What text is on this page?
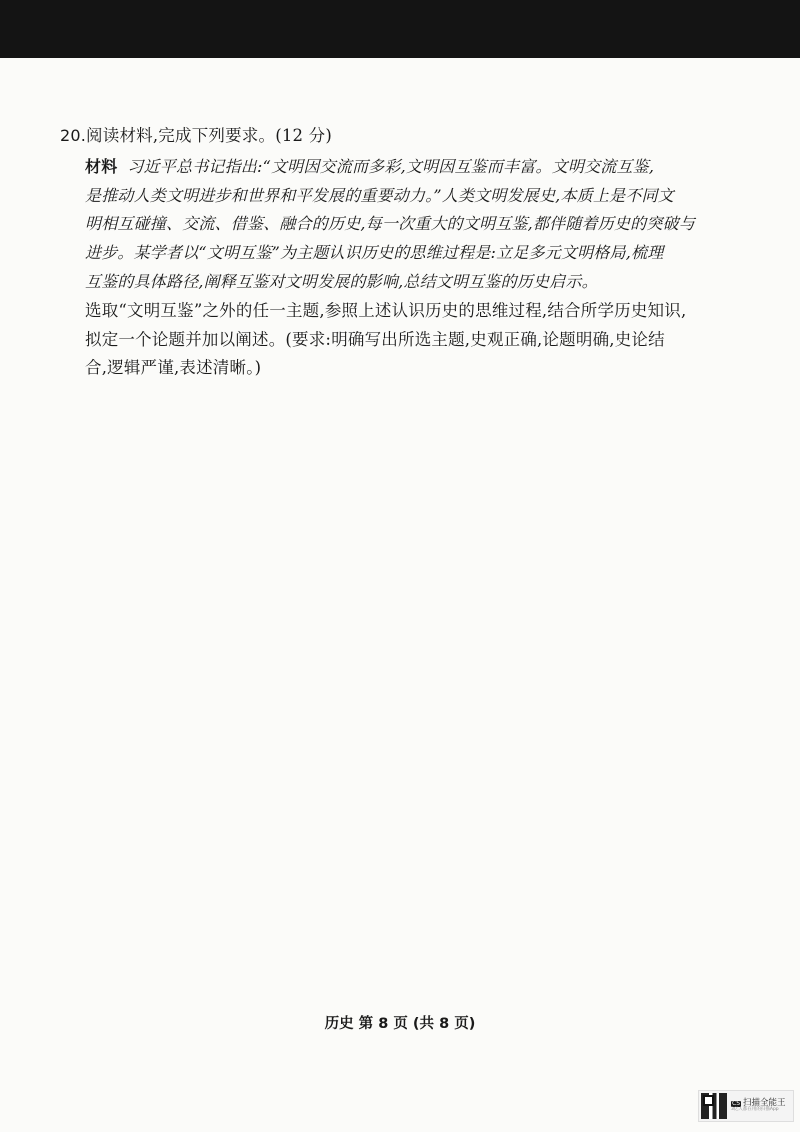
20.阅读材料,完成下列要求。(12 分)
材料 习近平总书记指出:“文明因交流而多彩,文明因互鉴而丰富。文明交流互鉴,
是推动人类文明进步和世界和平发展的重要动力。”人类文明发展史,本质上是不同文
明相互碰撞、交流、借鉴、融合的历史,每一次重大的文明互鉴,都伴随着历史的突破与
进步。某学者以“文明互鉴”为主题认识历史的思维过程是:立足多元文明格局,梳理
互鉴的具体路径,阐释互鉴对文明发展的影响,总结文明互鉴的历史启示。
选取“文明互鉴”之外的任一主题,参照上述认识历史的思维过程,结合所学历史知识,
拟定一个论题并加以阐述。(要求:明确写出所选主题,史观正确,论题明确,史论结
合,逻辑严谨,表述清晰。)
历史 第 8 页 (共 8 页)
CS 扫描全能王
3亿人都在用的扫描App
